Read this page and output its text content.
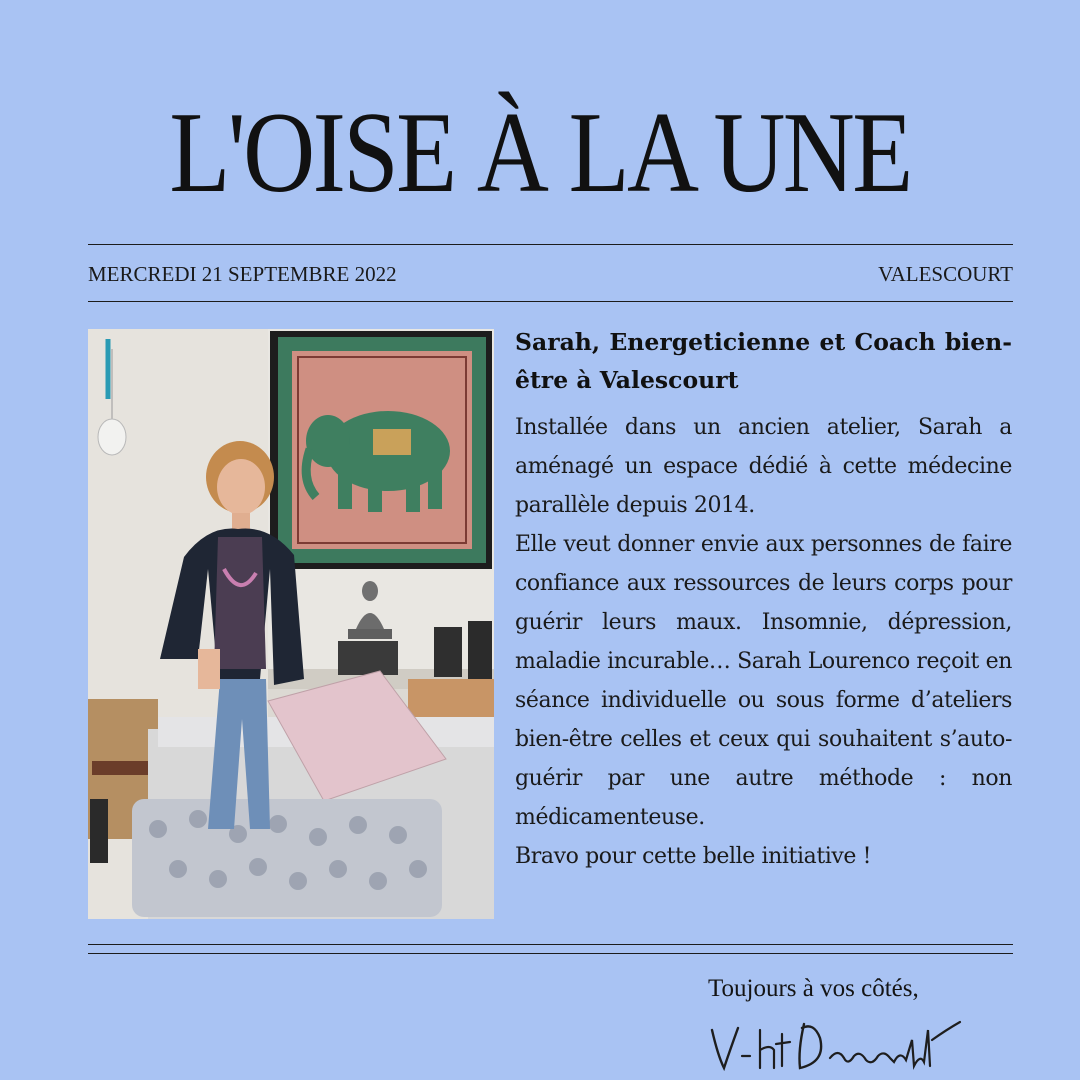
L'OISE À LA UNE
MERCREDI 21 SEPTEMBRE 2022	VALESCOURT
Sarah, Energeticienne et Coach bien-être à Valescourt

Installée dans un ancien atelier, Sarah a aménagé un espace dédié à cette médecine parallèle depuis 2014.

Elle veut donner envie aux personnes de faire confiance aux ressources de leurs corps pour guérir leurs maux. Insomnie, dépression, maladie incurable… Sarah Lourenco reçoit en séance individuelle ou sous forme d’ateliers bien-être celles et ceux qui souhaitent s’auto-guérir par une autre méthode : non médicamenteuse.

Bravo pour cette belle initiative !

Toujours à vos côtés,
